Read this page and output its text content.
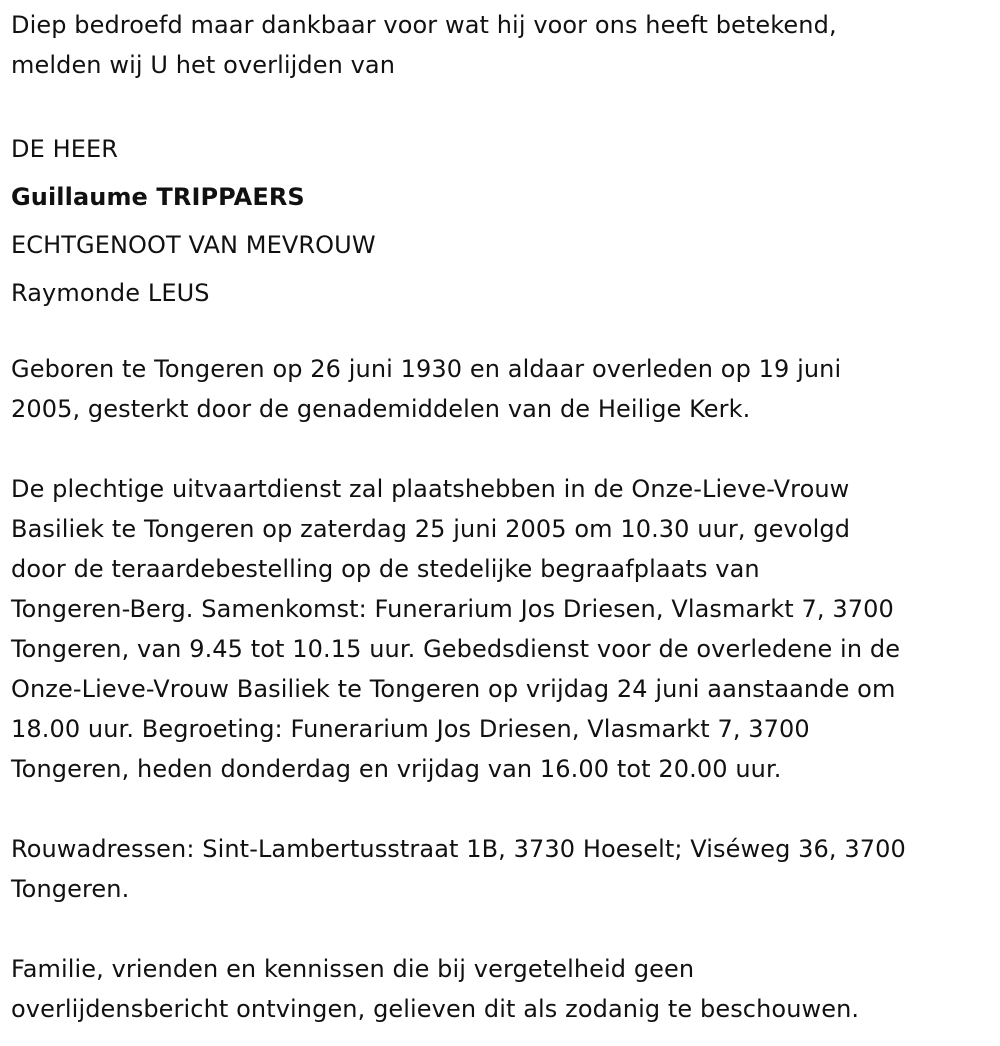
Diep bedroefd maar dankbaar voor wat hij voor ons heeft betekend,
melden wij U het overlijden van
DE HEER
Guillaume TRIPPAERS
ECHTGENOOT VAN MEVROUW
Raymonde LEUS
Geboren te Tongeren op 26 juni 1930 en aldaar overleden op 19 juni
2005, gesterkt door de genademiddelen van de Heilige Kerk.
De plechtige uitvaartdienst zal plaatshebben in de Onze-Lieve-Vrouw
Basiliek te Tongeren op zaterdag 25 juni 2005 om 10.30 uur, gevolgd
door de teraardebestelling op de stedelijke begraafplaats van
Tongeren-Berg. Samenkomst: Funerarium Jos Driesen, Vlasmarkt 7, 3700
Tongeren, van 9.45 tot 10.15 uur. Gebedsdienst voor de overledene in de
Onze-Lieve-Vrouw Basiliek te Tongeren op vrijdag 24 juni aanstaande om
18.00 uur. Begroeting: Funerarium Jos Driesen, Vlasmarkt 7, 3700
Tongeren, heden donderdag en vrijdag van 16.00 tot 20.00 uur.
Rouwadressen: Sint-Lambertusstraat 1B, 3730 Hoeselt; Viséweg 36, 3700
Tongeren.
Familie, vrienden en kennissen die bij vergetelheid geen
overlijdensbericht ontvingen, gelieven dit als zodanig te beschouwen.
